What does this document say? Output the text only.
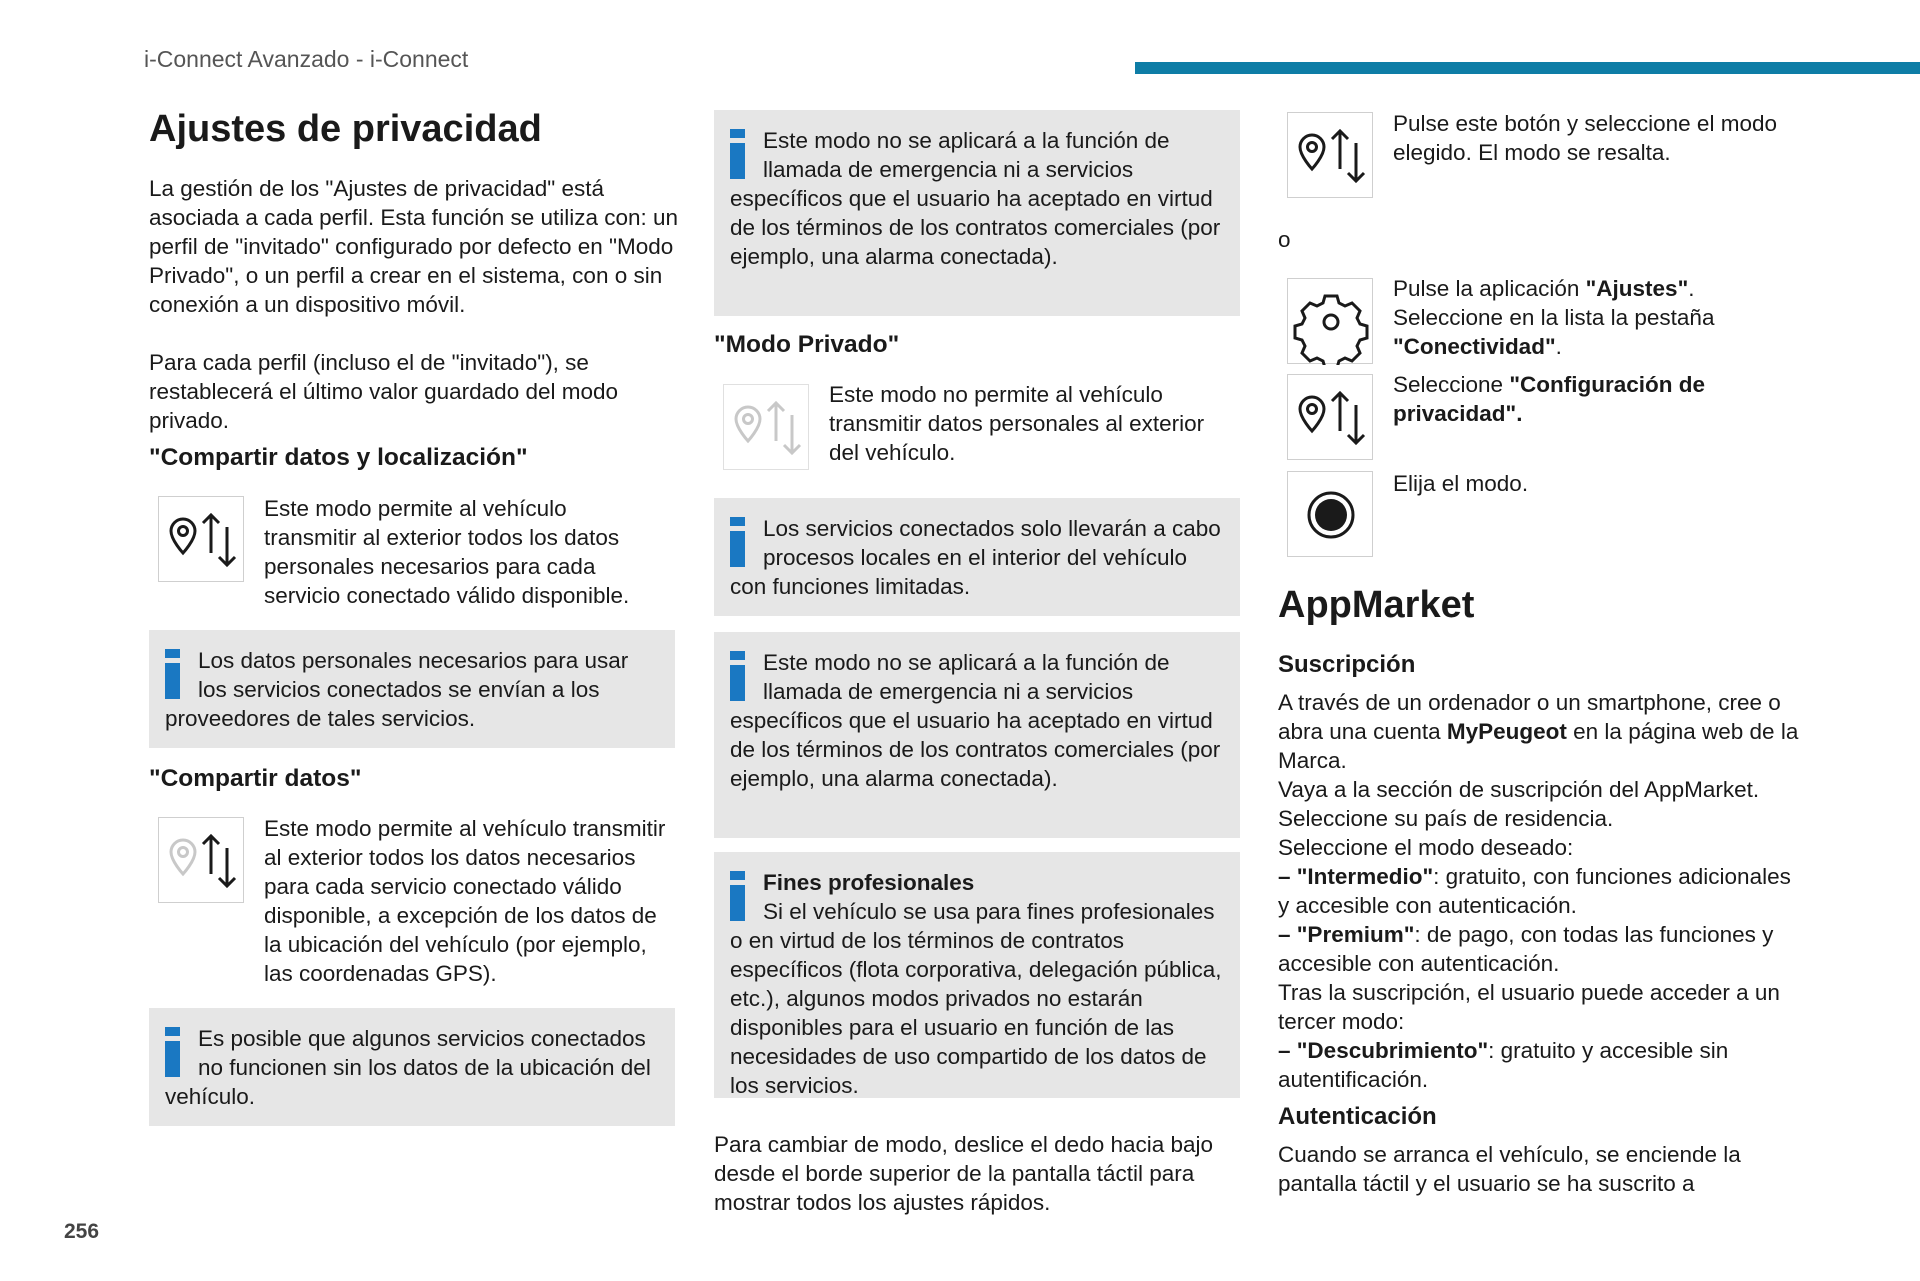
i-Connect Avanzado - i-Connect
Ajustes de privacidad

La gestión de los "Ajustes de privacidad" está asociada a cada perfil. Esta función se utiliza con: un perfil de "invitado" configurado por defecto en "Modo Privado", o un perfil a crear en el sistema, con o sin conexión a un dispositivo móvil.

Para cada perfil (incluso el de "invitado"), se restablecerá el último valor guardado del modo privado.

"Compartir datos y localización"
Este modo permite al vehículo transmitir al exterior todos los datos personales necesarios para cada servicio conectado válido disponible.
Los datos personales necesarios para usar los servicios conectados se envían a los proveedores de tales servicios.
"Compartir datos"
Este modo permite al vehículo transmitir al exterior todos los datos necesarios para cada servicio conectado válido disponible, a excepción de los datos de la ubicación del vehículo (por ejemplo, las coordenadas GPS).
Es posible que algunos servicios conectados no funcionen sin los datos de la ubicación del vehículo.
Este modo no se aplicará a la función de llamada de emergencia ni a servicios específicos que el usuario ha aceptado en virtud de los términos de los contratos comerciales (por ejemplo, una alarma conectada).
"Modo Privado"
Este modo no permite al vehículo transmitir datos personales al exterior del vehículo.
Los servicios conectados solo llevarán a cabo procesos locales en el interior del vehículo con funciones limitadas.
Este modo no se aplicará a la función de llamada de emergencia ni a servicios específicos que el usuario ha aceptado en virtud de los términos de los contratos comerciales (por ejemplo, una alarma conectada).
Fines profesionales
Si el vehículo se usa para fines profesionales o en virtud de los términos de contratos específicos (flota corporativa, delegación pública, etc.), algunos modos privados no estarán disponibles para el usuario en función de las necesidades de uso compartido de los datos de los servicios.

Para cambiar de modo, deslice el dedo hacia bajo desde el borde superior de la pantalla táctil para mostrar todos los ajustes rápidos.

Pulse este botón y seleccione el modo elegido. El modo se resalta.
o
Pulse la aplicación "Ajustes". Seleccione en la lista la pestaña "Conectividad".
Seleccione "Configuración de privacidad".
Elija el modo.
AppMarket
Suscripción
A través de un ordenador o un smartphone, cree o abra una cuenta MyPeugeot en la página web de la Marca.
Vaya a la sección de suscripción del AppMarket.
Seleccione su país de residencia.
Seleccione el modo deseado:
– "Intermedio": gratuito, con funciones adicionales y accesible con autenticación.
– "Premium": de pago, con todas las funciones y accesible con autenticación.
Tras la suscripción, el usuario puede acceder a un tercer modo:
– "Descubrimiento": gratuito y accesible sin autentificación.
Autenticación

Cuando se arranca el vehículo, se enciende la pantalla táctil y el usuario se ha suscrito a

256
